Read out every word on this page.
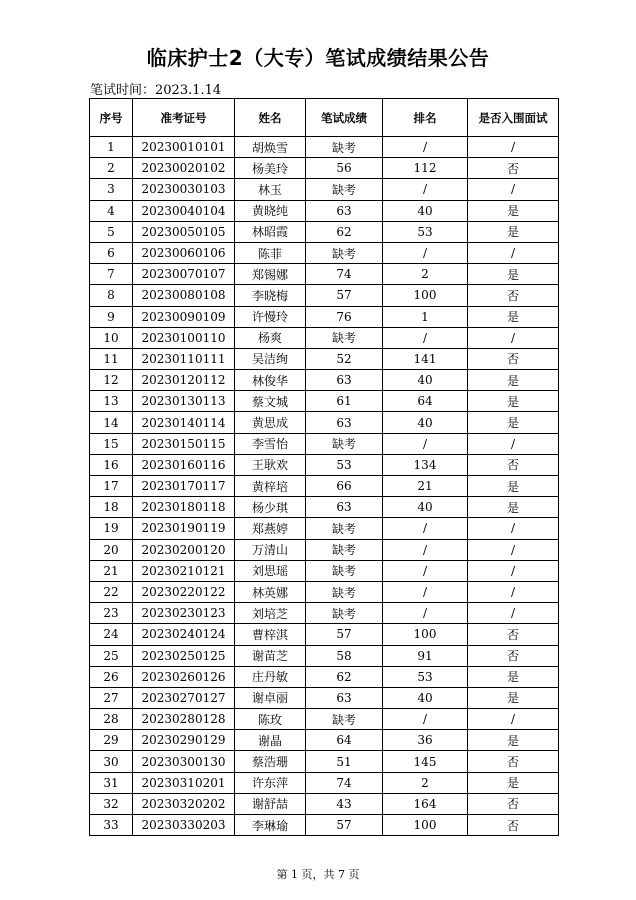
临床护士2（大专）笔试成绩结果公告
笔试时间：2023.1.14
序号	准考证号	姓名	笔试成绩	排名	是否入围面试
1	20230010101	胡焕雪	缺考	/	/
2	20230020102	杨美玲	56	112	否
3	20230030103	林玉	缺考	/	/
4	20230040104	黄晓纯	63	40	是
5	20230050105	林昭霞	62	53	是
6	20230060106	陈菲	缺考	/	/
7	20230070107	郑锡娜	74	2	是
8	20230080108	李晓梅	57	100	否
9	20230090109	许慢玲	76	1	是
10	20230100110	杨爽	缺考	/	/
11	20230110111	吴洁绚	52	141	否
12	20230120112	林俊华	63	40	是
13	20230130113	蔡文城	61	64	是
14	20230140114	黄思成	63	40	是
15	20230150115	李雪怡	缺考	/	/
16	20230160116	王耿欢	53	134	否
17	20230170117	黄梓培	66	21	是
18	20230180118	杨少琪	63	40	是
19	20230190119	郑燕婷	缺考	/	/
20	20230200120	万清山	缺考	/	/
21	20230210121	刘思瑶	缺考	/	/
22	20230220122	林英娜	缺考	/	/
23	20230230123	刘培芝	缺考	/	/
24	20230240124	曹梓淇	57	100	否
25	20230250125	谢苗芝	58	91	否
26	20230260126	庄丹敏	62	53	是
27	20230270127	谢卓丽	63	40	是
28	20230280128	陈玫	缺考	/	/
29	20230290129	谢晶	64	36	是
30	20230300130	蔡浩珊	51	145	否
31	20230310201	许东萍	74	2	是
32	20230320202	谢舒喆	43	164	否
33	20230330203	李琳瑜	57	100	否
第 1 页，共 7 页
